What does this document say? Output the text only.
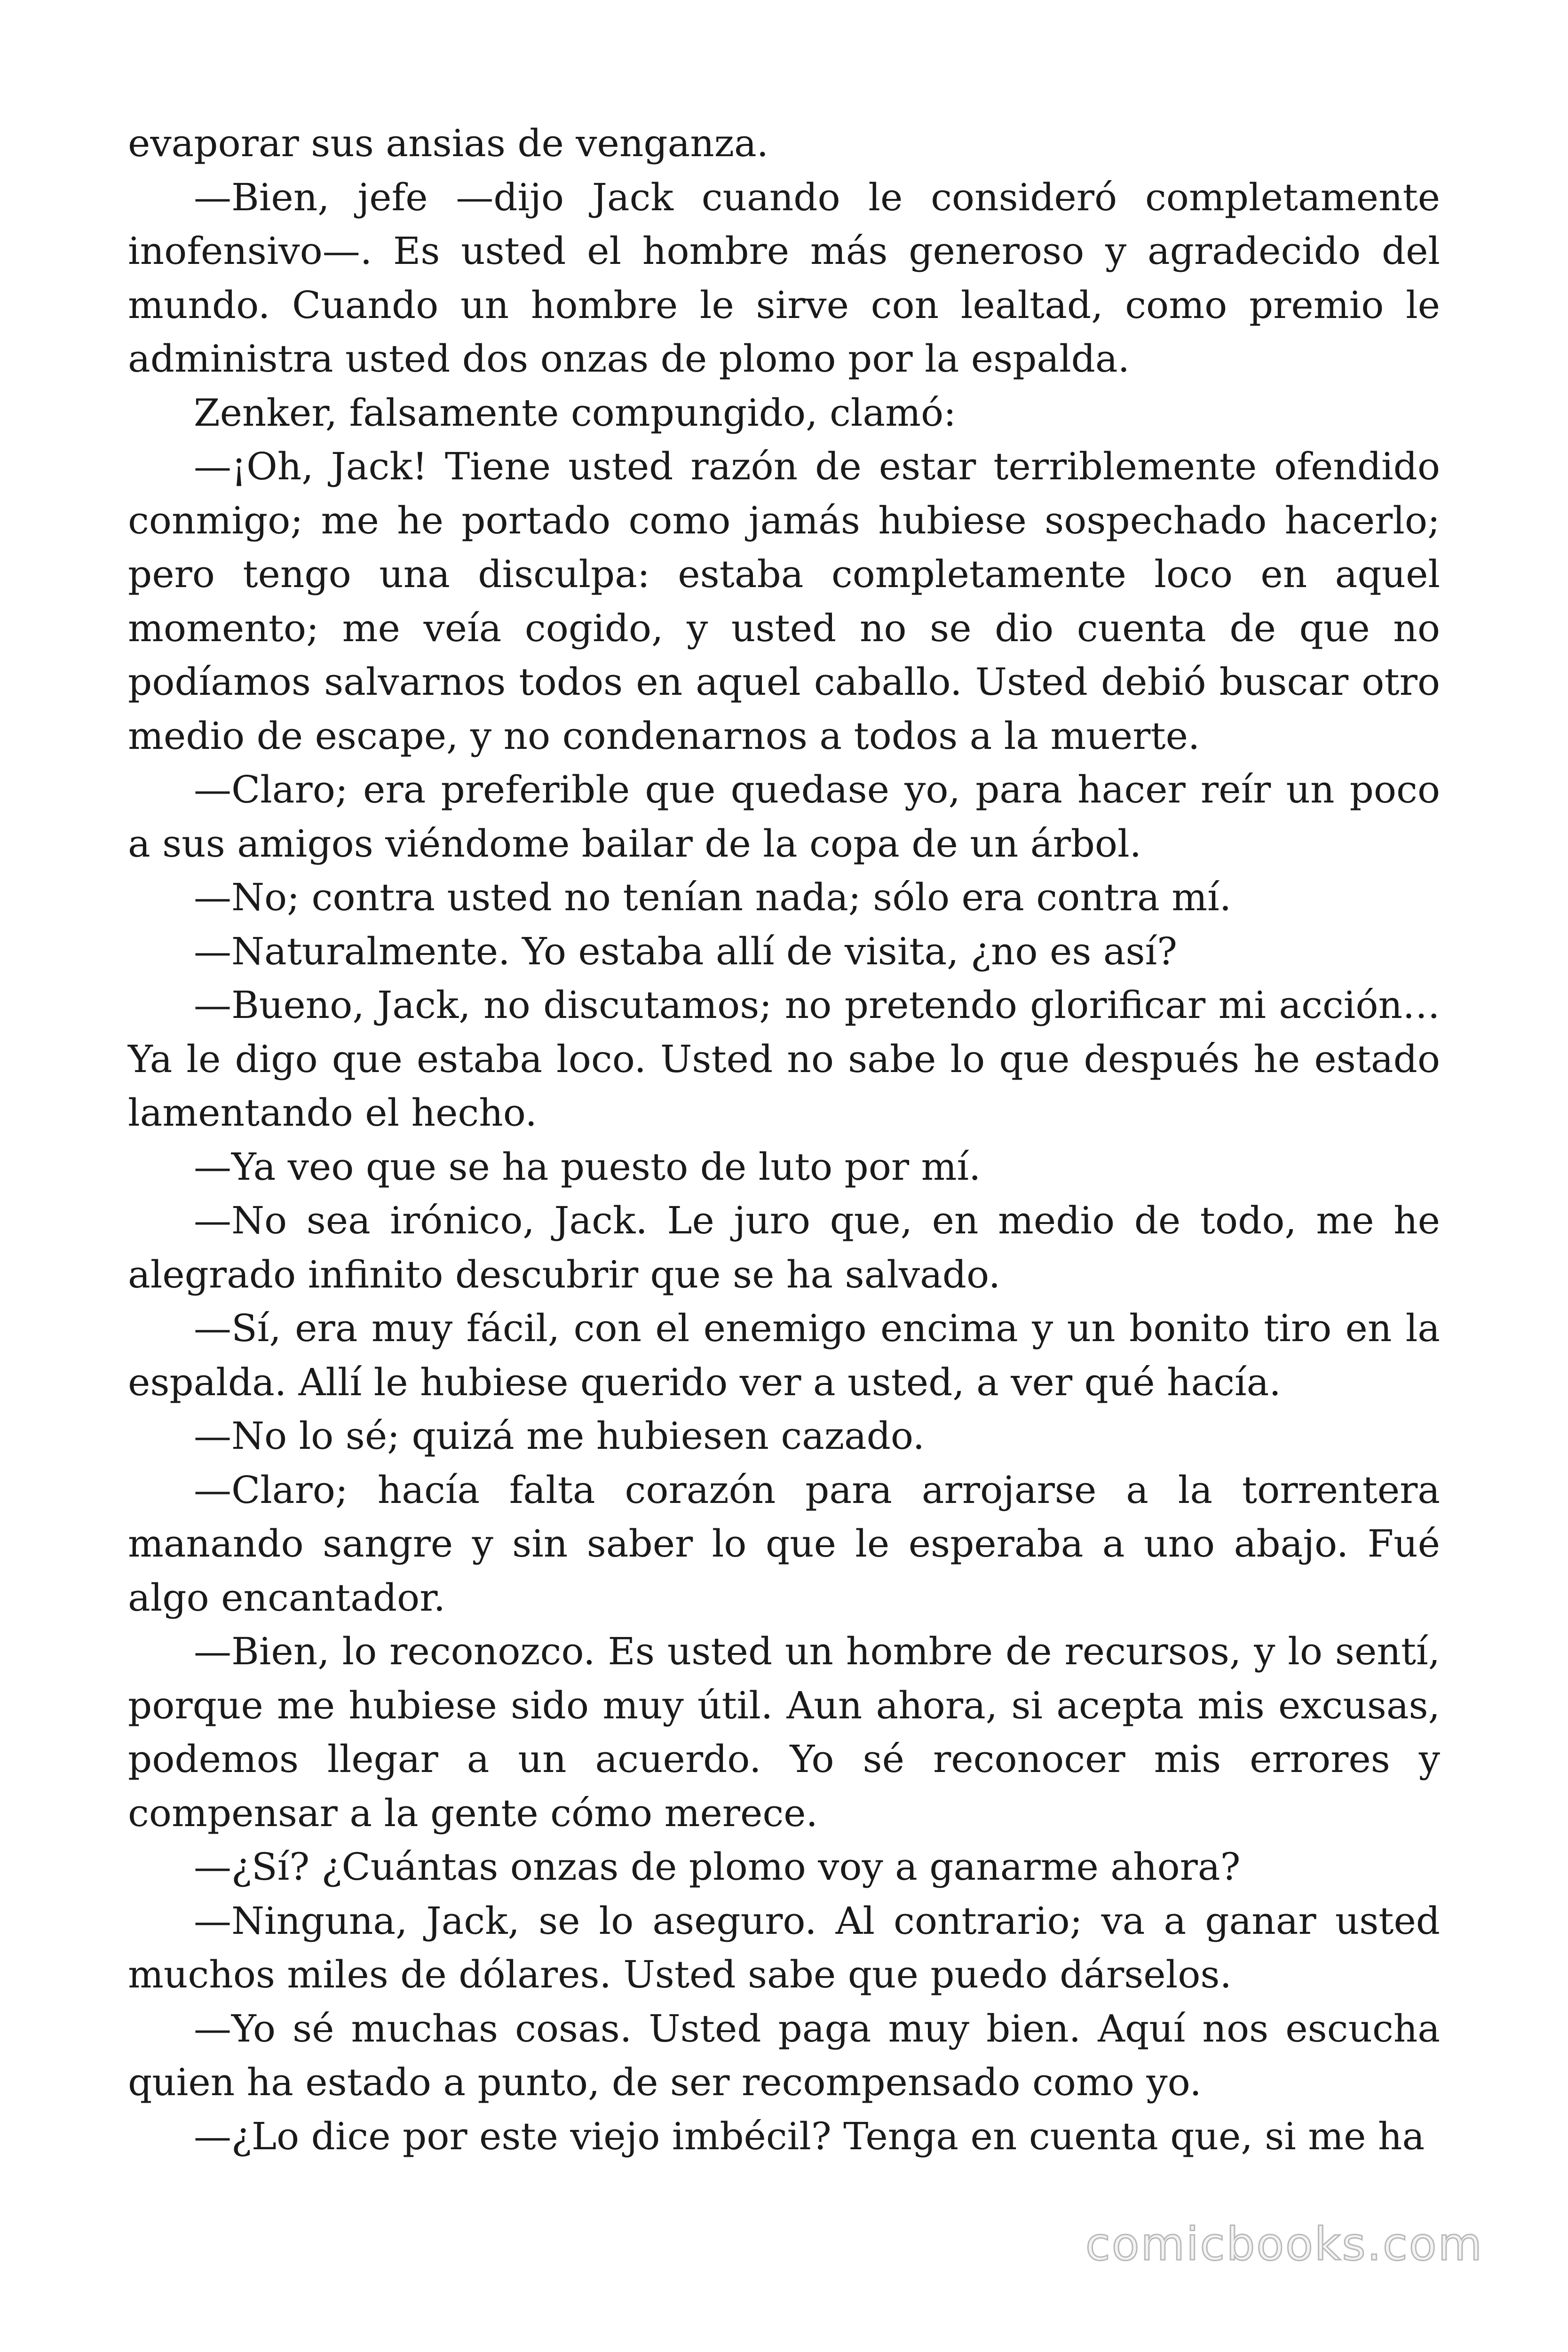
evaporar sus ansias de venganza.

—Bien, jefe —dijo Jack cuando le consideró completamente inofensivo—. Es usted el hombre más generoso y agradecido del mundo. Cuando un hombre le sirve con lealtad, como premio le administra usted dos onzas de plomo por la espalda.

Zenker, falsamente compungido, clamó:

—¡Oh, Jack! Tiene usted razón de estar terriblemente ofendido conmigo; me he portado como jamás hubiese sospechado hacerlo; pero tengo una disculpa: estaba completamente loco en aquel momento; me veía cogido, y usted no se dio cuenta de que no podíamos salvarnos todos en aquel caballo. Usted debió buscar otro medio de escape, y no condenarnos a todos a la muerte.

—Claro; era preferible que quedase yo, para hacer reír un poco a sus amigos viéndome bailar de la copa de un árbol.

—No; contra usted no tenían nada; sólo era contra mí.

—Naturalmente. Yo estaba allí de visita, ¿no es así?

—Bueno, Jack, no discutamos; no pretendo glorificar mi acción… Ya le digo que estaba loco. Usted no sabe lo que después he estado lamentando el hecho.

—Ya veo que se ha puesto de luto por mí.

—No sea irónico, Jack. Le juro que, en medio de todo, me he alegrado infinito descubrir que se ha salvado.

—Sí, era muy fácil, con el enemigo encima y un bonito tiro en la espalda. Allí le hubiese querido ver a usted, a ver qué hacía.

—No lo sé; quizá me hubiesen cazado.

—Claro; hacía falta corazón para arrojarse a la torrentera manando sangre y sin saber lo que le esperaba a uno abajo. Fué algo encantador.

—Bien, lo reconozco. Es usted un hombre de recursos, y lo sentí, porque me hubiese sido muy útil. Aun ahora, si acepta mis excusas, podemos llegar a un acuerdo. Yo sé reconocer mis errores y compensar a la gente cómo merece.

—¿Sí? ¿Cuántas onzas de plomo voy a ganarme ahora?

—Ninguna, Jack, se lo aseguro. Al contrario; va a ganar usted muchos miles de dólares. Usted sabe que puedo dárselos.

—Yo sé muchas cosas. Usted paga muy bien. Aquí nos escucha quien ha estado a punto, de ser recompensado como yo.

—¿Lo dice por este viejo imbécil? Tenga en cuenta que, si me ha

comicbooks.com
